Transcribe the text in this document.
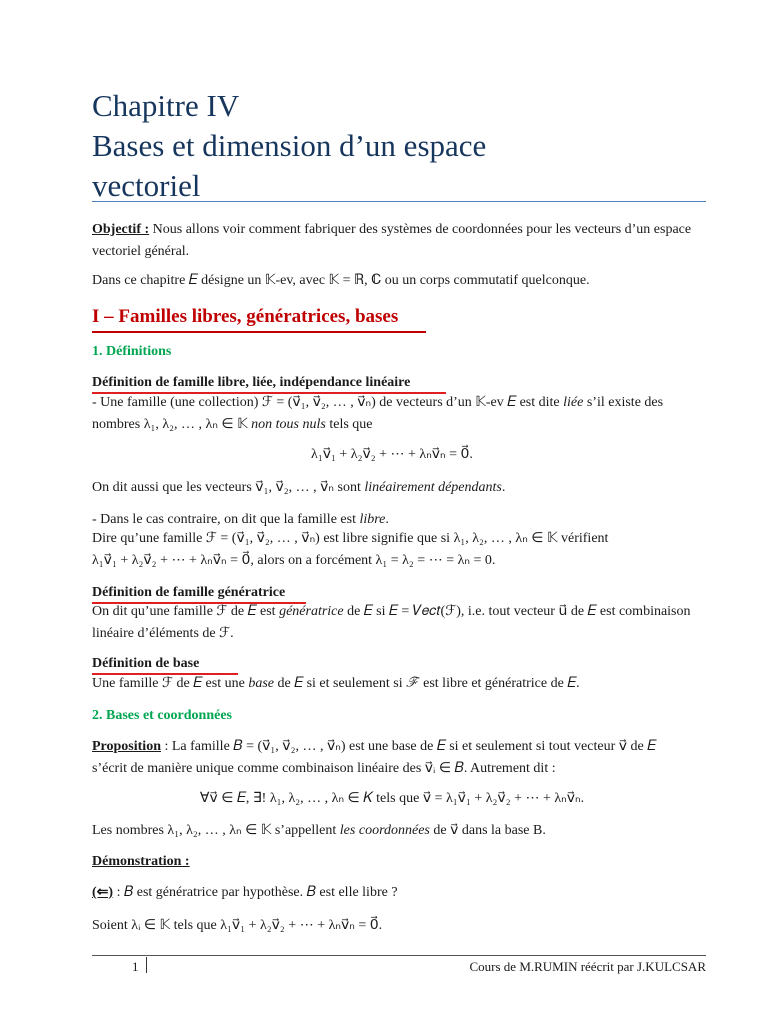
Chapitre IV
Bases et dimension d’un espace
vectoriel
Objectif : Nous allons voir comment fabriquer des systèmes de coordonnées pour les vecteurs d’un espace vectoriel général.
Dans ce chapitre 𝐸 désigne un 𝕂-ev, avec 𝕂 = ℝ, ℂ ou un corps commutatif quelconque.
I – Familles libres, génératrices, bases
1. Définitions
Définition de famille libre, liée, indépendance linéaire
- Une famille (une collection) ℱ = (v⃗₁, v⃗₂, … , v⃗ₙ) de vecteurs d’un 𝕂-ev 𝐸 est dite liée s’il existe des nombres λ₁, λ₂, … , λₙ ∈ 𝕂 non tous nuls tels que
λ₁v⃗₁ + λ₂v⃗₂ + ⋯ + λₙv⃗ₙ = 0⃗.
On dit aussi que les vecteurs v⃗₁, v⃗₂, … , v⃗ₙ sont linéairement dépendants.
- Dans le cas contraire, on dit que la famille est libre.
Dire qu’une famille ℱ = (v⃗₁, v⃗₂, … , v⃗ₙ) est libre signifie que si λ₁, λ₂, … , λₙ ∈ 𝕂 vérifient
λ₁v⃗₁ + λ₂v⃗₂ + ⋯ + λₙv⃗ₙ = 0⃗, alors on a forcément λ₁ = λ₂ = ⋯ = λₙ = 0.
Définition de famille génératrice
On dit qu’une famille ℱ de 𝐸 est génératrice de 𝐸 si 𝐸 = 𝑉𝑒𝑐𝑡(ℱ), i.e. tout vecteur u⃗ de 𝐸 est combinaison linéaire d’éléments de ℱ.
Définition de base
Une famille ℱ de 𝐸 est une base de 𝐸 si et seulement si ℱ est libre et génératrice de 𝐸.
2. Bases et coordonnées
Proposition : La famille 𝐵 = (v⃗₁, v⃗₂, … , v⃗ₙ) est une base de 𝐸 si et seulement si tout vecteur v⃗ de 𝐸 s’écrit de manière unique comme combinaison linéaire des v⃗ᵢ ∈ 𝐵. Autrement dit :
∀v⃗ ∈ 𝐸, ∃! λ₁, λ₂, … , λₙ ∈ 𝐾 tels que v⃗ = λ₁v⃗₁ + λ₂v⃗₂ + ⋯ + λₙv⃗ₙ.
Les nombres λ₁, λ₂, … , λₙ ∈ 𝕂 s’appellent les coordonnées de v⃗ dans la base B.
Démonstration :
(⇐) : 𝐵 est génératrice par hypothèse. 𝐵 est elle libre ?
Soient λᵢ ∈ 𝕂 tels que λ₁v⃗₁ + λ₂v⃗₂ + ⋯ + λₙv⃗ₙ = 0⃗.
1	Cours de M.RUMIN réécrit par J.KULCSAR
